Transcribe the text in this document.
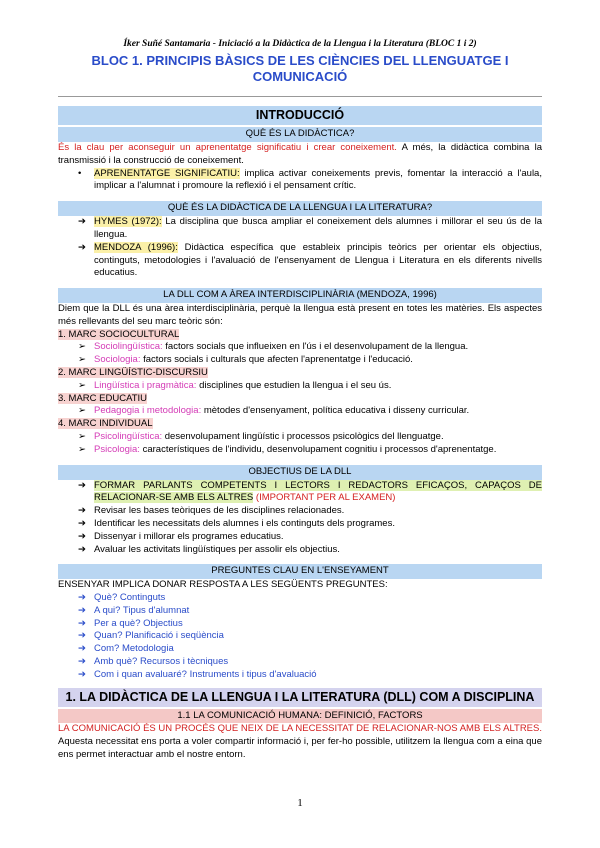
Íker Suñé Santamaria - Iniciació a la Didàctica de la Llengua i la Literatura (BLOC 1 i 2)
BLOC 1. PRINCIPIS BÀSICS DE LES CIÈNCIES DEL LLENGUATGE I COMUNICACIÓ
INTRODUCCIÓ
QUÈ ÉS LA DIDÀCTICA?

És la clau per aconseguir un aprenentatge significatiu i crear coneixement. A més, la didàctica combina la transmissió i la construcció de coneixement.

• APRENENTATGE SIGNIFICATIU: implica activar coneixements previs, fomentar la interacció a l'aula, implicar a l'alumnat i promoure la reflexió i el pensament crític.
QUÈ ÉS LA DIDÀCTICA DE LA LLENGUA I LA LITERATURA?
➔ HYMES (1972): La disciplina que busca ampliar el coneixement dels alumnes i millorar el seu ús de la llengua.
➔ MENDOZA (1996): Didàctica específica que estableix principis teòrics per orientar els objectius, continguts, metodologies i l'avaluació de l'ensenyament de Llengua i Literatura en els diferents nivells educatius.
LA DLL COM A ÀREA INTERDISCIPLINÀRIA (MENDOZA, 1996)

Diem que la DLL és una àrea interdisciplinària, perquè la llengua està present en totes les matèries. Els aspectes més rellevants del seu marc teòric són:

1. MARC SOCIOCULTURAL
➢ Sociolingüística: factors socials que influeixen en l'ús i el desenvolupament de la llengua.
➢ Sociologia: factors socials i culturals que afecten l'aprenentatge i l'educació.
2. MARC LINGÜÍSTIC-DISCURSIU
➢ Lingüística i pragmàtica: disciplines que estudien la llengua i el seu ús.
3. MARC EDUCATIU
➢ Pedagogia i metodologia: mètodes d'ensenyament, política educativa i disseny curricular.
4. MARC INDIVIDUAL
➢ Psicolingüística: desenvolupament lingüístic i processos psicològics del llenguatge.
➢ Psicologia: característiques de l'individu, desenvolupament cognitiu i processos d'aprenentatge.
OBJECTIUS DE LA DLL
➔ FORMAR PARLANTS COMPETENTS I LECTORS I REDACTORS EFICAÇOS, CAPAÇOS DE RELACIONAR-SE AMB ELS ALTRES (IMPORTANT PER AL EXAMEN)
➔ Revisar les bases teòriques de les disciplines relacionades.
➔ Identificar les necessitats dels alumnes i els continguts dels programes.
➔ Dissenyar i millorar els programes educatius.
➔ Avaluar les activitats lingüístiques per assolir els objectius.
PREGUNTES CLAU EN L'ENSEYAMENT

ENSENYAR IMPLICA DONAR RESPOSTA A LES SEGÜENTS PREGUNTES:

➔ Què? Continguts
➔ A qui? Tipus d'alumnat
➔ Per a què? Objectius
➔ Quan? Planificació i seqüència
➔ Com? Metodologia
➔ Amb què? Recursos i tècniques
➔ Com i quan avaluaré? Instruments i tipus d'avaluació
1. LA DIDÀCTICA DE LA LLENGUA I LA LITERATURA (DLL) COM A DISCIPLINA
1.1 LA COMUNICACIÓ HUMANA: DEFINICIÓ, FACTORS

LA COMUNICACIÓ ÉS UN PROCÉS QUE NEIX DE LA NECESSITAT DE RELACIONAR-NOS AMB ELS ALTRES. Aquesta necessitat ens porta a voler compartir informació i, per fer-ho possible, utilitzem la llengua com a eina que ens permet interactuar amb el nostre entorn.

1
